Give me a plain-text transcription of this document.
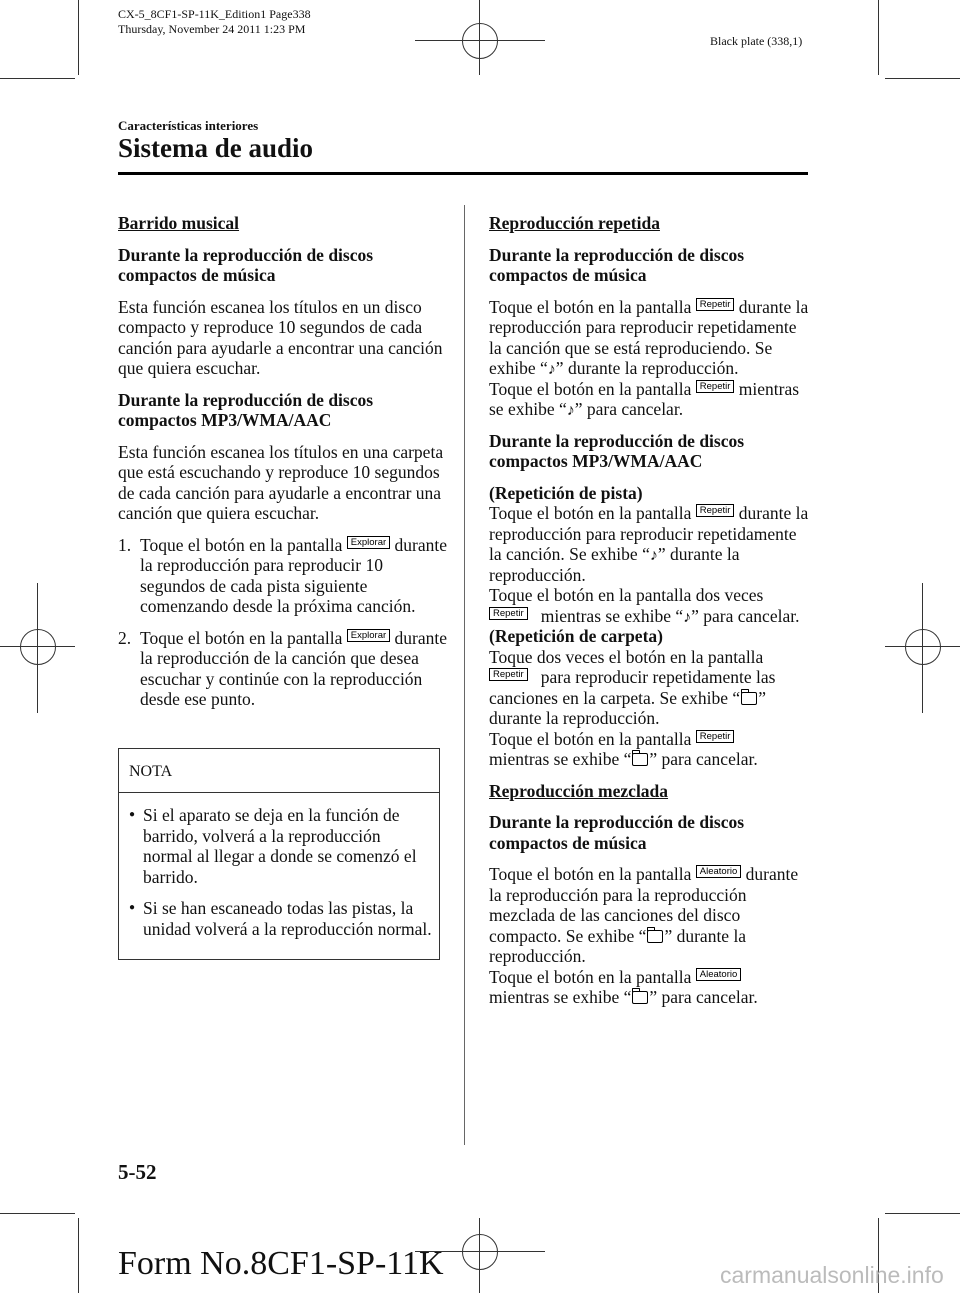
CX-5_8CF1-SP-11K_Edition1 Page338
Thursday, November 24 2011 1:23 PM
Black plate (338,1)
Características interiores
Sistema de audio

Barrido musical

Durante la reproducción de discos compactos de música

Esta función escanea los títulos en un disco compacto y reproduce 10 segundos de cada canción para ayudarle a encontrar una canción que quiera escuchar.

Durante la reproducción de discos compactos MP3/WMA/AAC

Esta función escanea los títulos en una carpeta que está escuchando y reproduce 10 segundos de cada canción para ayudarle a encontrar una canción que quiera escuchar.

1. Toque el botón en la pantalla Explorar durante la reproducción para reproducir 10 segundos de cada pista siguiente comenzando desde la próxima canción.
2. Toque el botón en la pantalla Explorar durante la reproducción de la canción que desea escuchar y continúe con la reproducción desde ese punto.
NOTA
● Si el aparato se deja en la función de barrido, volverá a la reproducción normal al llegar a donde se comenzó el barrido.
● Si se han escaneado todas las pistas, la unidad volverá a la reproducción normal.

Reproducción repetida

Durante la reproducción de discos compactos de música

Toque el botón en la pantalla Repetir durante la reproducción para reproducir repetidamente la canción que se está reproduciendo. Se exhibe “♪” durante la reproducción.
Toque el botón en la pantalla Repetir mientras se exhibe “♪” para cancelar.

Durante la reproducción de discos compactos MP3/WMA/AAC

(Repetición de pista)

Toque el botón en la pantalla Repetir durante la reproducción para reproducir repetidamente la canción. Se exhibe “♪” durante la reproducción.
Toque el botón en la pantalla dos veces
Repetir mientras se exhibe “♪” para cancelar.

(Repetición de carpeta)

Toque dos veces el botón en la pantalla
Repetir para reproducir repetidamente las canciones en la carpeta. Se exhibe “ ” durante la reproducción.
Toque el botón en la pantalla Repetir
mientras se exhibe “ ” para cancelar.

Reproducción mezclada

Durante la reproducción de discos compactos de música

Toque el botón en la pantalla Aleatorio durante la reproducción para la reproducción mezclada de las canciones del disco compacto. Se exhibe “ ” durante la reproducción.
Toque el botón en la pantalla Aleatorio
mientras se exhibe “ ” para cancelar.

5-52
Form No.8CF1-SP-11K	carmanualsonline.info
